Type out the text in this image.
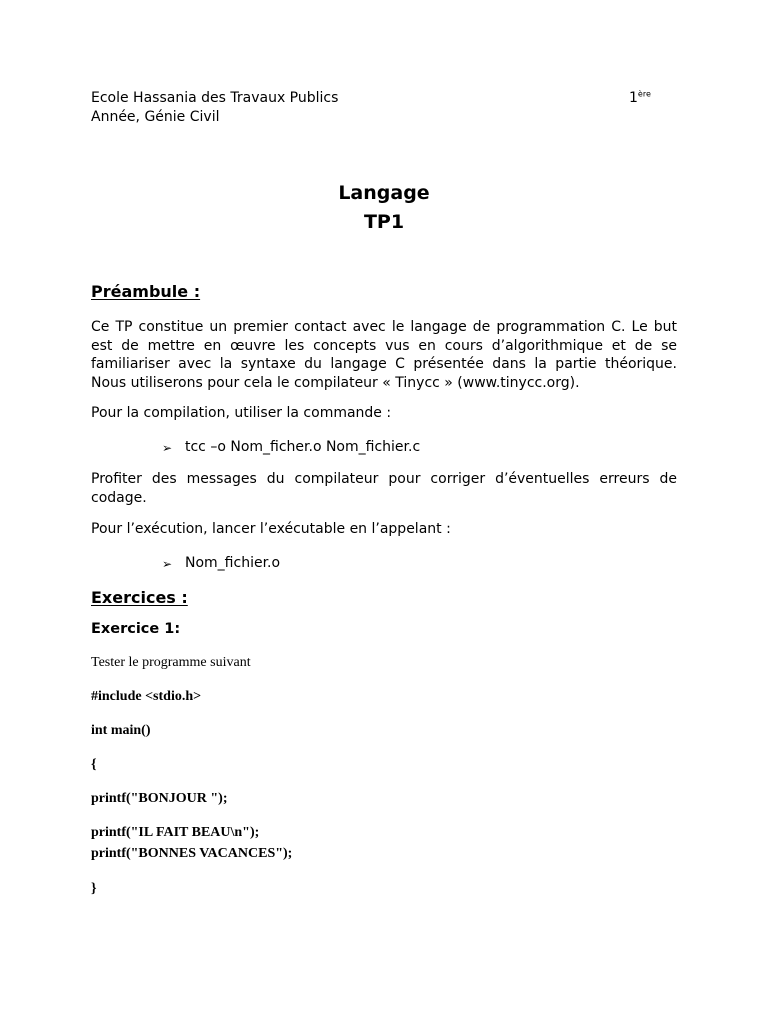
Ecole Hassania des Travaux Publics	1ère
Année, Génie Civil
Langage
TP1
Préambule :
Ce TP constitue un premier contact avec le langage de programmation C. Le but
est de mettre en œuvre les concepts vus en cours d’algorithmique et de se
familiariser avec la syntaxe du langage C présentée dans la partie théorique.
Nous utiliserons pour cela le compilateur « Tinycc » (www.tinycc.org).
Pour la compilation, utiliser la commande :
➢ tcc –o Nom_ficher.o Nom_fichier.c
Profiter des messages du compilateur pour corriger d’éventuelles erreurs de
codage.
Pour l’exécution, lancer l’exécutable en l’appelant :
➢ Nom_fichier.o
Exercices :
Exercice 1:
Tester le programme suivant
#include <stdio.h>
int main()
{
printf("BONJOUR ");
printf("IL FAIT BEAU\n");
printf("BONNES VACANCES");
}
